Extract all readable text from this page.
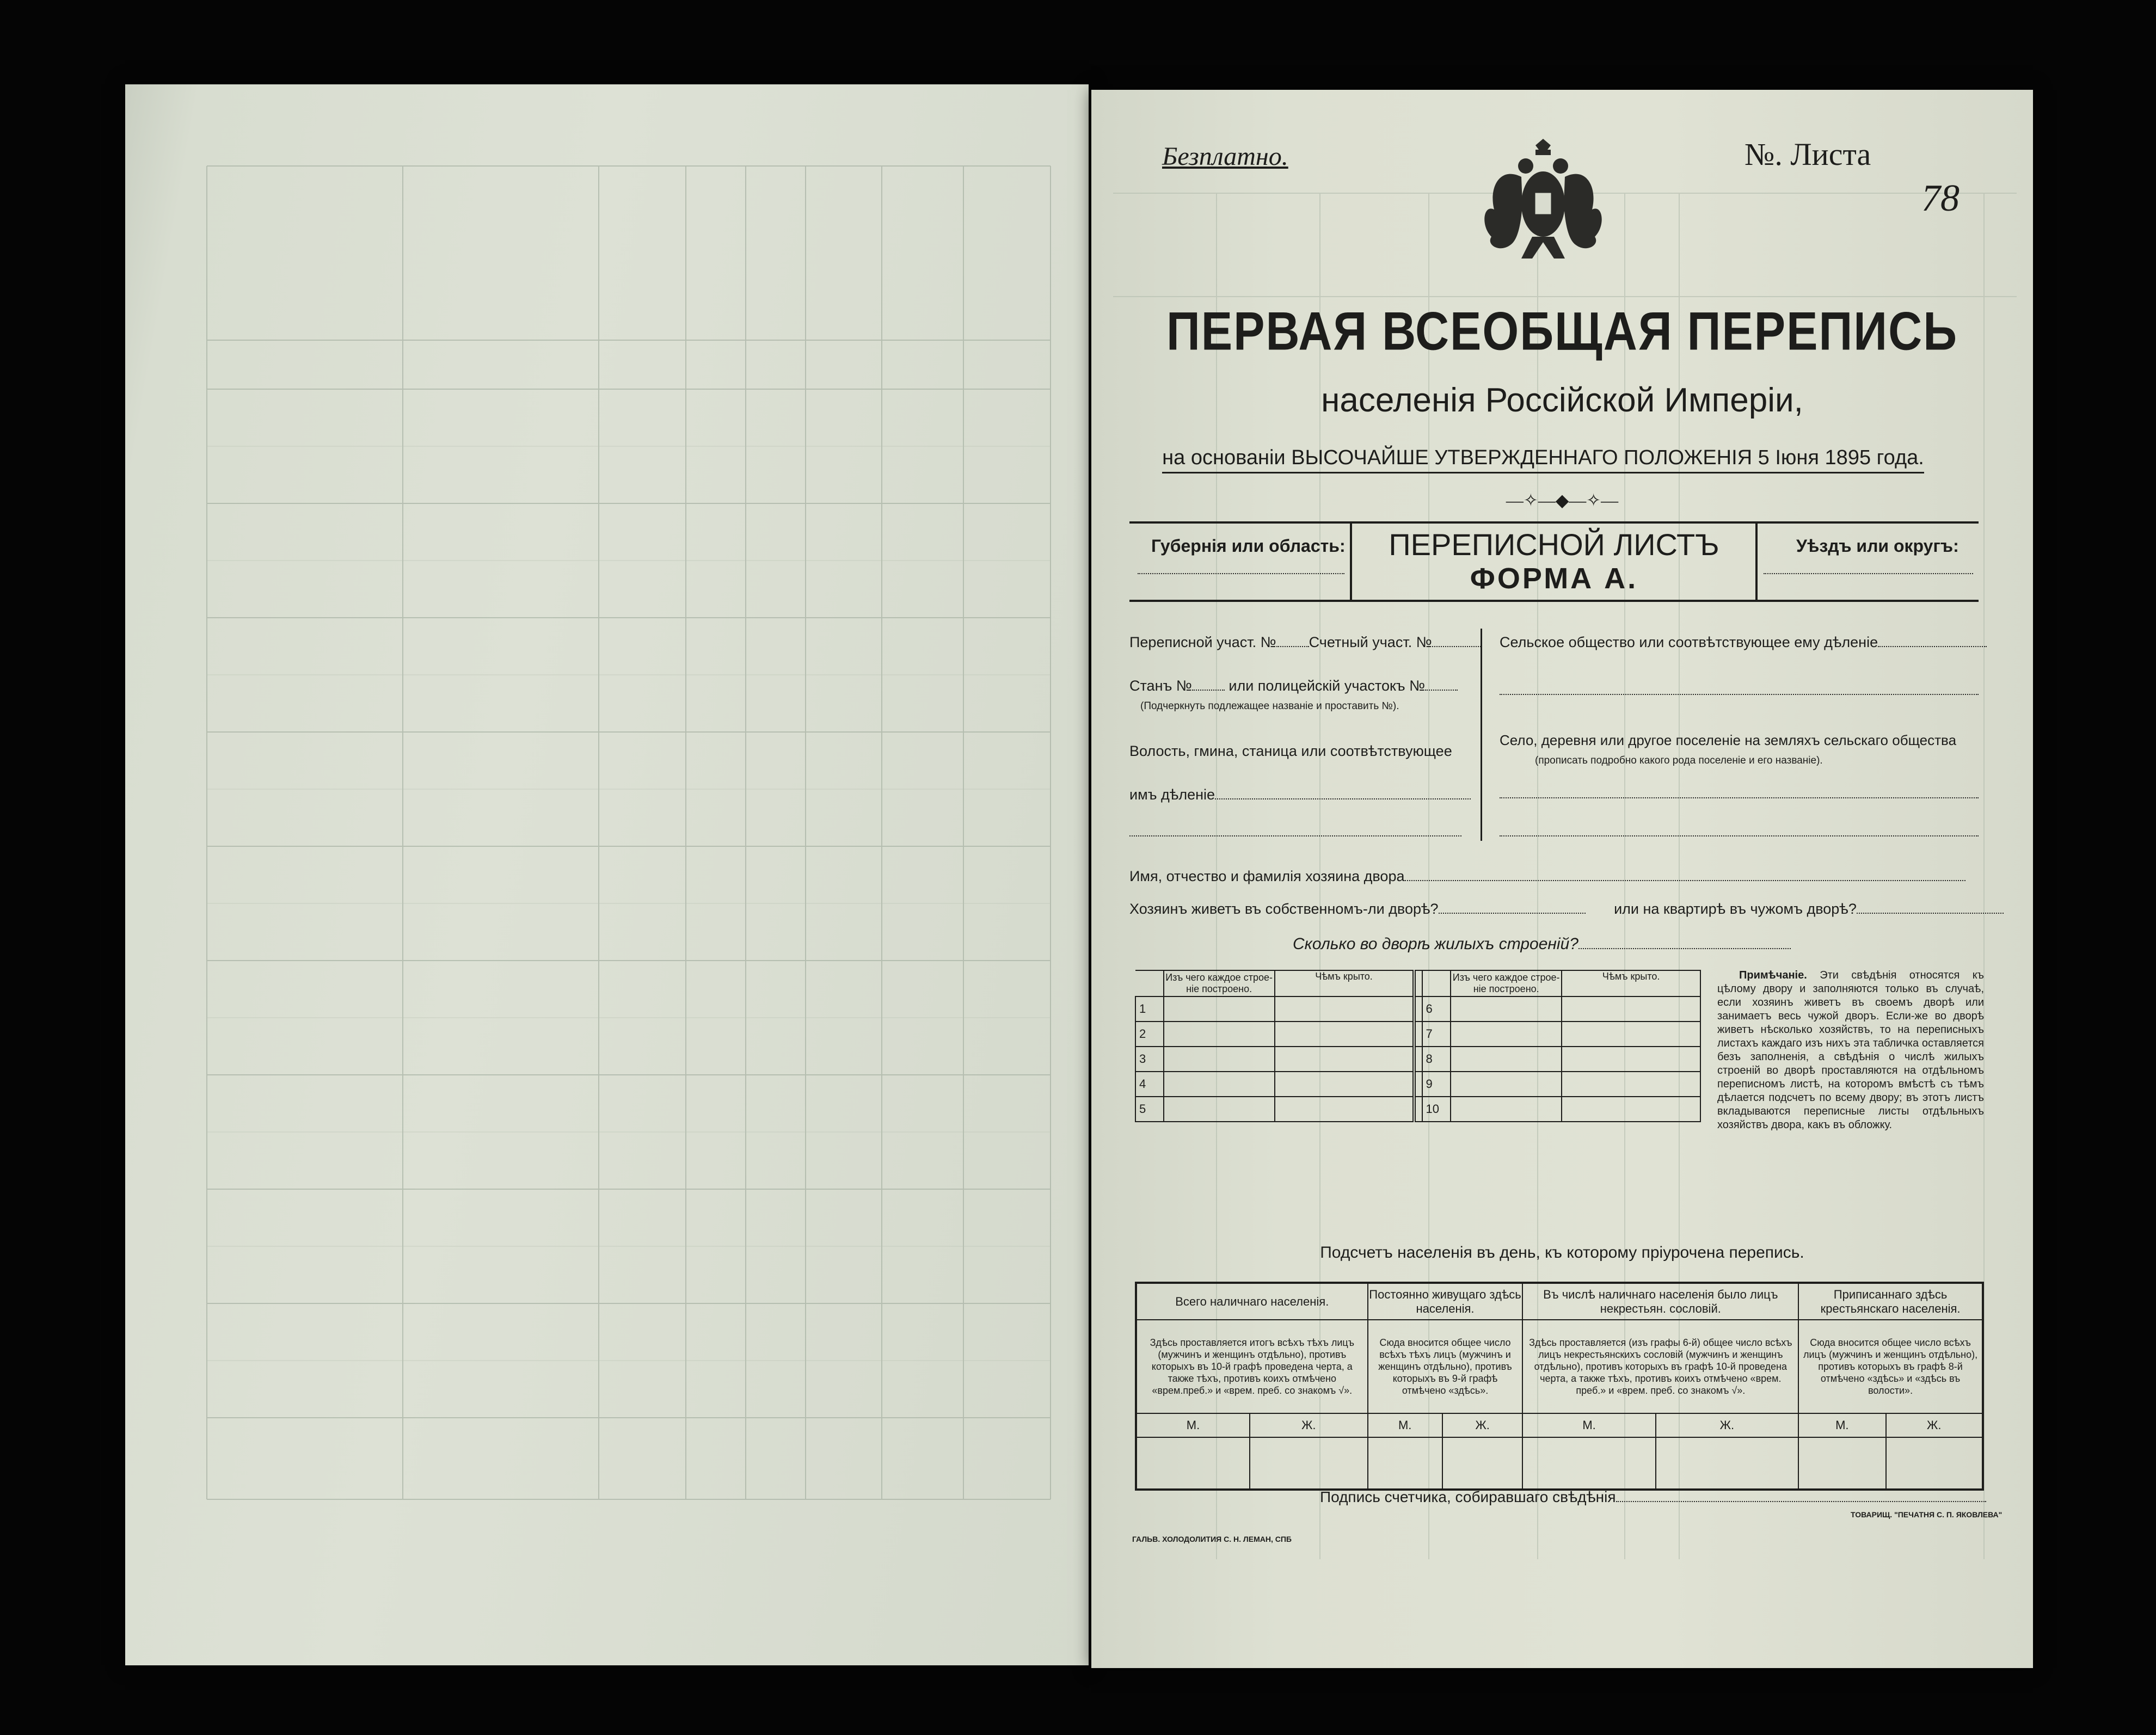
Безплатно.	№. Листа
78
ПЕРВАЯ ВСЕОБЩАЯ ПЕРЕПИСЬ
населенія Россійской Имперіи,
на основаніи ВЫСОЧАЙШЕ УТВЕРЖДЕННАГО ПОЛОЖЕНІЯ 5 Іюня 1895 года.
—✧—◆—✧—
Губернія или область:	ПЕРЕПИСНОЙ ЛИСТЪ
ФОРМА А.
Уѣздъ или округъ:
Переписной участ. № Счетный участ. №
Станъ №	или полицейскій участокъ №
(Подчеркнуть подлежащее названіе и проставить №).
Волость, гмина, станица или соотвѣтствующее
имъ дѣленіе
Сельское общество или соотвѣтствующее ему дѣленіе
Село, деревня или другое поселеніе на земляхъ сельскаго общества
(прописать подробно какого рода поселеніе и его названіе).
Имя, отчество и фамилія хозяина двора
Хозяинъ живетъ въ собственномъ-ли дворѣ?	или на квартирѣ въ чужомъ дворѣ?
Сколько во дворѣ жилыхъ строеній?
	Изъ чего каждое строе-ніе построено.	Чѣмъ крыто.			Изъ чего каждое строе-ніе построено.	Чѣмъ крыто.
1				6		
2				7		
3				8		
4				9		
5				10		
Примѣчаніе. Эти свѣдѣнія относятся къ цѣлому двору и заполняются только въ случаѣ, если хозяинъ живетъ въ своемъ дворѣ или занимаетъ весь чужой дворъ. Если-же во дворѣ живетъ нѣсколько хозяйствъ, то на переписныхъ листахъ каждаго изъ нихъ эта табличка оставляется безъ заполненія, а свѣдѣнія о числѣ жилыхъ строеній во дворѣ проставляются на отдѣльномъ переписномъ листѣ, на которомъ вмѣстѣ съ тѣмъ дѣлается подсчетъ по всему двору; въ этотъ листъ вкладываются переписные листы отдѣльныхъ хозяйствъ двора, какъ въ обложку.
Подсчетъ населенія въ день, къ которому пріурочена перепись.
Всего наличнаго населенія.		Постоянно живущаго здѣсь населенія.		Въ числѣ наличнаго населенія было лицъ некрестьян. сословій.		Приписаннаго здѣсь крестьянскаго населенія.	
Здѣсь проставляется итогъ всѣхъ тѣхъ лицъ (мужчинъ и женщинъ отдѣльно), противъ которыхъ въ 10-й графѣ проведена черта, а также тѣхъ, противъ коихъ отмѣчено «врем.преб.» и «врем. преб. со знакомъ √».		Сюда вносится общее число всѣхъ тѣхъ лицъ (мужчинъ и женщинъ отдѣльно), противъ которыхъ въ 9-й графѣ отмѣчено «здѣсь».		Здѣсь проставляется (изъ графы 6-й) общее число всѣхъ лицъ некрестьянскихъ сословій (мужчинъ и женщинъ отдѣльно), противъ которыхъ въ графѣ 10-й проведена черта, а также тѣхъ, противъ коихъ отмѣчено «врем. преб.» и «врем. преб. со знакомъ √».		Сюда вносится общее число всѣхъ лицъ (мужчинъ и женщинъ отдѣльно), противъ которыхъ въ графѣ 8-й отмѣчено «здѣсь» и «здѣсь въ волости».	
М.	Ж.	М.	Ж.	М.	Ж.	М.	Ж.

Подпись счетчика, собиравшаго свѣдѣнія
ГАЛЬВ. ХОЛОДОЛИТИЯ С. Н. ЛЕМАН, СПБ
ТОВАРИЩ. "ПЕЧАТНЯ С. П. ЯКОВЛЕВА"
